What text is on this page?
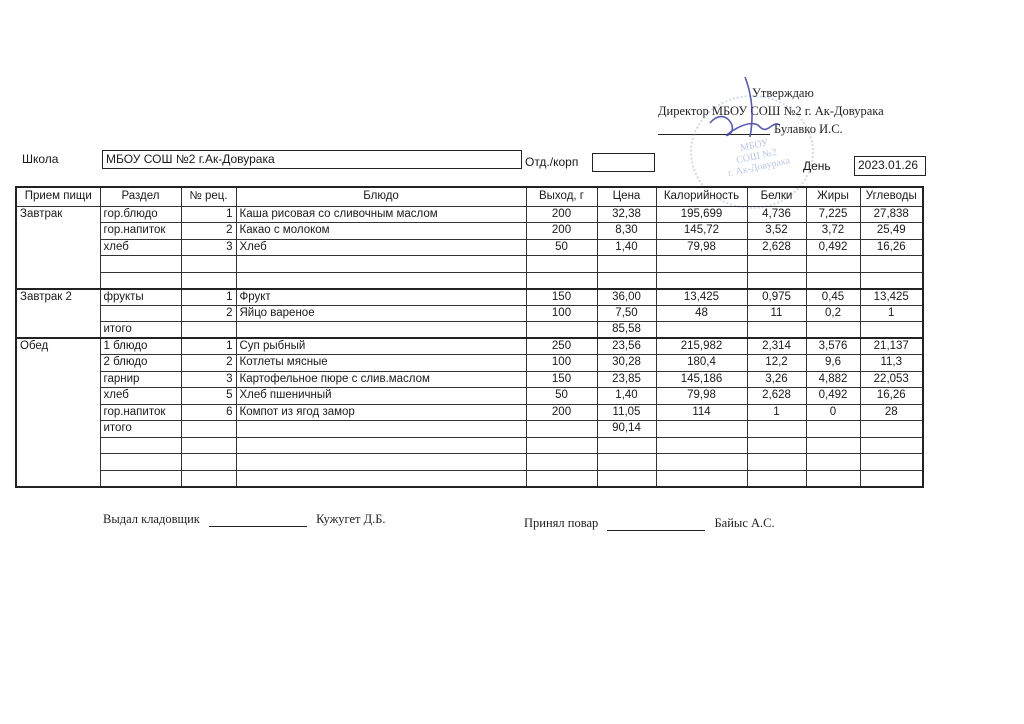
Утверждаю
Директор МБОУ СОШ №2 г. Ак-Довурака
Булавко И.С.
МБОУ
СОШ №2
г. Ак-Довурака
Школа	МБОУ СОШ №2 г.Ак-Довурака	Отд./корп	День	2023.01.26
Прием пищи	Раздел	№ рец.	Блюдо	Выход, г	Цена	Калорийность	Белки	Жиры	Углеводы
Завтрак	гор.блюдо	1	Каша рисовая со сливочным маслом	200	32,38	195,699	4,736	7,225	27,838
	гор.напиток	2	Какао с молоком	200	8,30	145,72	3,52	3,72	25,49
	хлеб	3	Хлеб	50	1,40	79,98	2,628	0,492	16,26

Завтрак 2	фрукты	1	Фрукт	150	36,00	13,425	0,975	0,45	13,425
		2	Яйцо вареное	100	7,50	48	11	0,2	1
	итого				85,58				
Обед	1 блюдо	1	Суп рыбный	250	23,56	215,982	2,314	3,576	21,137
	2 блюдо	2	Котлеты мясные	100	30,28	180,4	12,2	9,6	11,3
	гарнир	3	Картофельное пюре с слив.маслом	150	23,85	145,186	3,26	4,882	22,053
	хлеб	5	Хлеб пшеничный	50	1,40	79,98	2,628	0,492	16,26
	гор.напиток	6	Компот из ягод замор	200	11,05	114	1	0	28
	итого				90,14				

Выдал кладовщик	Кужугет Д.Б.	Принял повар	Байыс А.С.
